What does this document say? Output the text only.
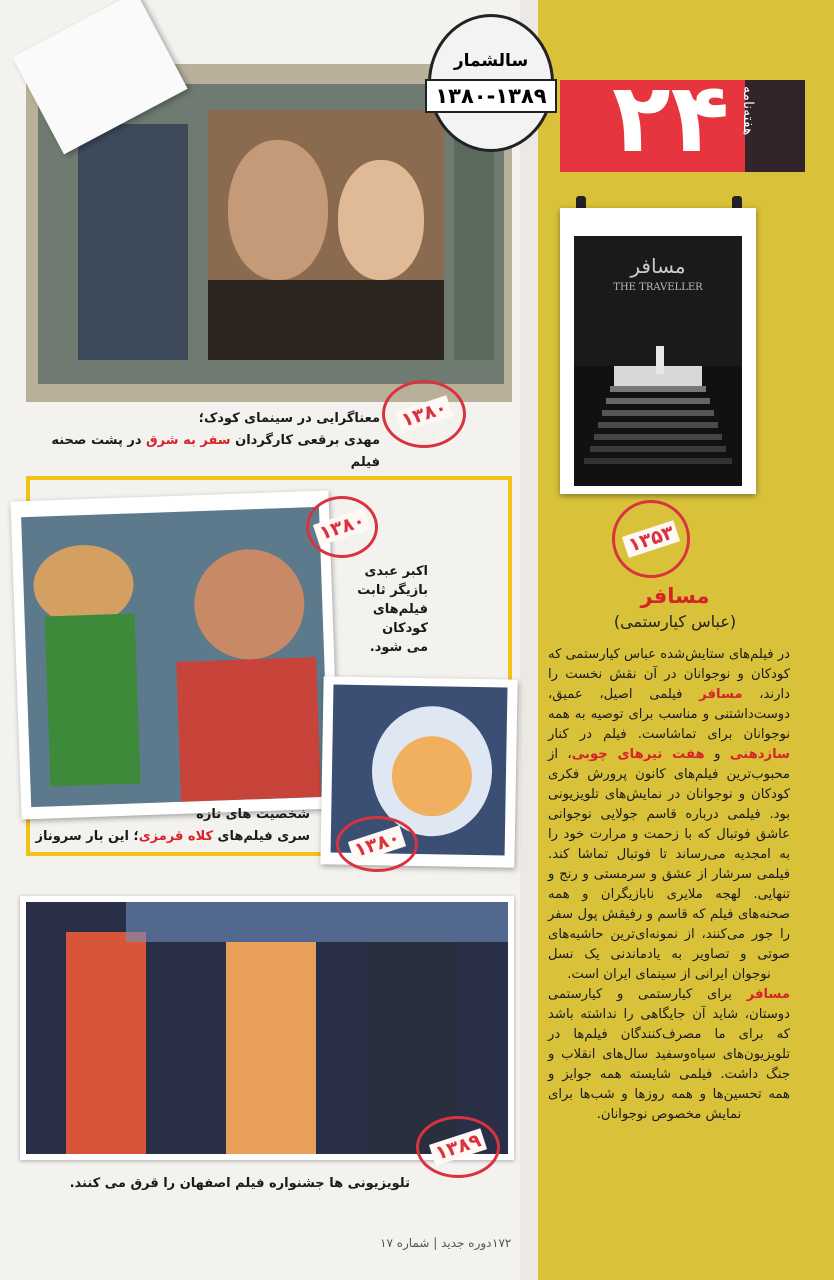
۲۴ هفته‌نامه
مسافر
THE TRAVELLER
۱۳۵۳
مسافر
(عباس کیارستمی)
در فیلم‌های ستایش‌شده عباس کیارستمی که کودکان و نوجوانان در آن نقش نخست را دارند، مسافر فیلمی اصیل، عمیق، دوست‌داشتنی و مناسب برای توصیه به همه نوجوانان برای تماشاست. فیلم در کنار سازدهنی و هفت تیرهای چوبی، از محبوب‌ترین فیلم‌های کانون پرورش فکری کودکان و نوجوانان در نمایش‌های تلویزیونی بود. فیلمی درباره قاسم جولایی نوجوانی عاشق فوتبال که با زحمت و مرارت خود را به امجدیه می‌رساند تا فوتبال تماشا کند. فیلمی سرشار از عشق و سرمستی و رنج و تنهایی. لهجه ملایری نابازیگران و همه صحنه‌های فیلم که قاسم و رفیقش پول سفر را جور می‌کنند، از نمونه‌ای‌ترین حاشیه‌های صوتی و تصاویر به یادماندنی یک نسل نوجوان ایرانی از سینمای ایران است.
مسافر برای کیارستمی و کیارستمی دوستان، شاید آن جایگاهی را نداشته باشد که برای ما مصرف‌کنندگان فیلم‌ها در تلویزیون‌های سیاه‌وسفید سال‌های انقلاب و جنگ داشت. فیلمی شایسته همه جوایز و همه تحسین‌ها و همه روزها و شب‌ها برای نمایش مخصوص نوجوانان.
سالشمار
۱۳۸۰-۱۳۸۹
۱۳۸۰
معناگرایی در سینمای کودک؛
مهدی برقعی کارگردان سفر به شرق در پشت صحنه فیلم
۱۳۸۰
اکبر عبدی
بازیگر ثابت
فیلم‌های کودکان
می شود.
۱۳۸۰
شخصیت های تازه
سری فیلم‌های کلاه قرمزی؛ این بار سروناز
۱۳۸۹
تلویزیونی ها جشنواره فیلم اصفهان را قرق می کنند.
دوره جدید | شماره ۱۷ ۱۷۲
